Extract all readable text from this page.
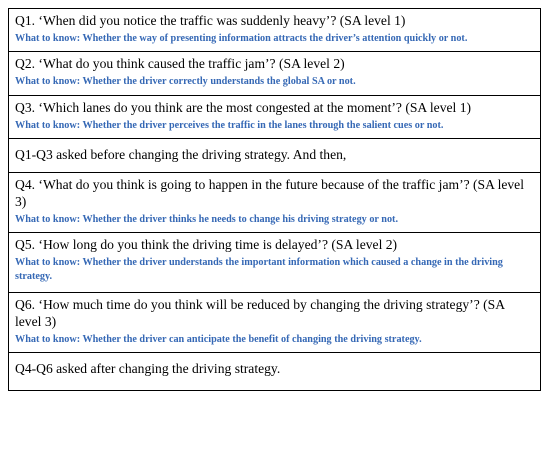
Q1. ‘When did you notice the traffic was suddenly heavy’? (SA level 1)

What to know: Whether the way of presenting information attracts the driver’s attention quickly or not.

Q2. ‘What do you think caused the traffic jam’? (SA level 2)

What to know: Whether the driver correctly understands the global SA or not.

Q3. ‘Which lanes do you think are the most congested at the moment’? (SA level 1)

What to know: Whether the driver perceives the traffic in the lanes through the salient cues or not.

Q1-Q3 asked before changing the driving strategy. And then,

Q4. ‘What do you think is going to happen in the future because of the traffic jam’? (SA level 3)

What to know: Whether the driver thinks he needs to change his driving strategy or not.

Q5. ‘How long do you think the driving time is delayed’? (SA level 2)

What to know: Whether the driver understands the important information which caused a change in the driving strategy.

Q6. ‘How much time do you think will be reduced by changing the driving strategy’? (SA level 3)

What to know: Whether the driver can anticipate the benefit of changing the driving strategy.

Q4-Q6 asked after changing the driving strategy.
